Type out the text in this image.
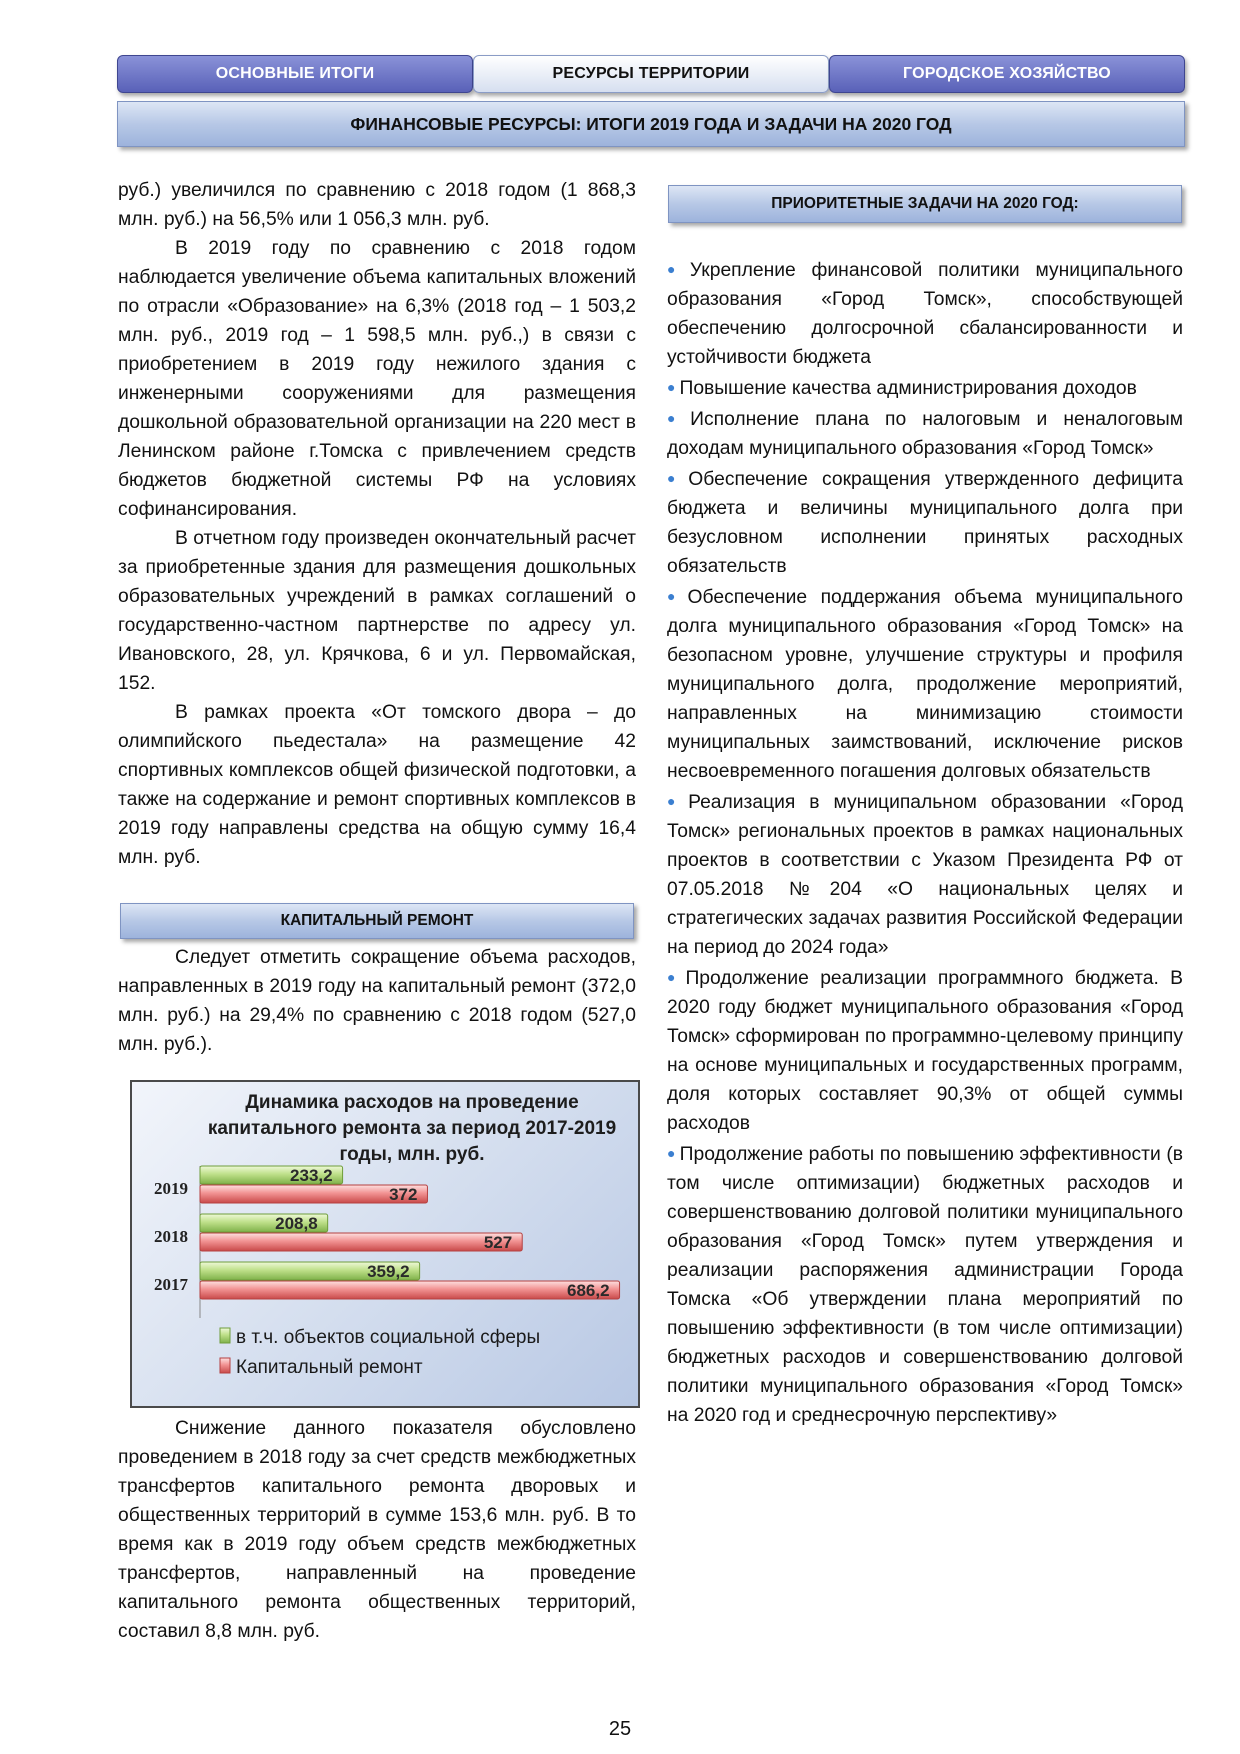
ОСНОВНЫЕ ИТОГИ	РЕСУРСЫ ТЕРРИТОРИИ	ГОРОДСКОЕ ХОЗЯЙСТВО
ФИНАНСОВЫЕ РЕСУРСЫ: ИТОГИ 2019 ГОДА И ЗАДАЧИ НА 2020 ГОД

руб.) увеличился по сравнению с 2018 годом (1 868,3 млн. руб.) на 56,5% или 1 056,3 млн. руб.

В 2019 году по сравнению с 2018 годом наблюдается увеличение объема капитальных вложений по отрасли «Образование» на 6,3% (2018 год – 1 503,2 млн. руб., 2019 год – 1 598,5 млн. руб.,) в связи с приобретением в 2019 году нежилого здания с инженерными сооружениями для размещения дошкольной образовательной организации на 220 мест в Ленинском районе г.Томска с привлечением средств бюджетов бюджетной системы РФ на условиях софинансирования.

В отчетном году произведен окончательный расчет за приобретенные здания для размещения дошкольных образовательных учреждений в рамках соглашений о государственно-частном партнерстве по адресу ул. Ивановского, 28, ул. Крячкова, 6 и ул. Первомайская, 152.

В рамках проекта «От томского двора – до олимпийского пьедестала» на размещение 42 спортивных комплексов общей физической подготовки, а также на содержание и ремонт спортивных комплексов в 2019 году направлены средства на общую сумму 16,4 млн. руб.

КАПИТАЛЬНЫЙ РЕМОНТ

Следует отметить сокращение объема расходов, направленных в 2019 году на капитальный ремонт (372,0 млн. руб.) на 29,4% по сравнению с 2018 годом (527,0 млн. руб.).

Динамика расходов на проведение
капитального ремонта за период 2017-2019
годы, млн. руб.
2019
233,2
372
2018
208,8
527
2017
359,2
686,2
в т.ч. объектов социальной сферы
Капитальный ремонт

Снижение данного показателя обусловлено проведением в 2018 году за счет средств межбюджетных трансфертов капитального ремонта дворовых и общественных территорий в сумме 153,6 млн. руб. В то время как в 2019 году объем средств межбюджетных трансфертов, направленный на проведение капитального ремонта общественных территорий, составил 8,8 млн. руб.

ПРИОРИТЕТНЫЕ ЗАДАЧИ НА 2020 ГОД:
● Укрепление финансовой политики муниципального образования «Город Томск», способствующей обеспечению долгосрочной сбалансированности и устойчивости бюджета
● Повышение качества администрирования доходов
● Исполнение плана по налоговым и неналоговым доходам муниципального образования «Город Томск»
● Обеспечение сокращения утвержденного дефицита бюджета и величины муниципального долга при безусловном исполнении принятых расходных обязательств
● Обеспечение поддержания объема муниципального долга муниципального образования «Город Томск» на безопасном уровне, улучшение структуры и профиля муниципального долга, продолжение мероприятий, направленных на минимизацию стоимости муниципальных заимствований, исключение рисков несвоевременного погашения долговых обязательств
● Реализация в муниципальном образовании «Город Томск» региональных проектов в рамках национальных проектов в соответствии с Указом Президента РФ от 07.05.2018 №204 «О национальных целях и стратегических задачах развития Российской Федерации на период до 2024 года»
● Продолжение реализации программного бюджета. В 2020 году бюджет муниципального образования «Город Томск» сформирован по программно-целевому принципу на основе муниципальных и государственных программ, доля которых составляет 90,3% от общей суммы расходов
● Продолжение работы по повышению эффективности (в том числе оптимизации) бюджетных расходов и совершенствованию долговой политики муниципального образования «Город Томск» путем утверждения и реализации распоряжения администрации Города Томска «Об утверждении плана мероприятий по повышению эффективности (в том числе оптимизации) бюджетных расходов и совершенствованию долговой политики муниципального образования «Город Томск» на 2020 год и среднесрочную перспективу»
25
